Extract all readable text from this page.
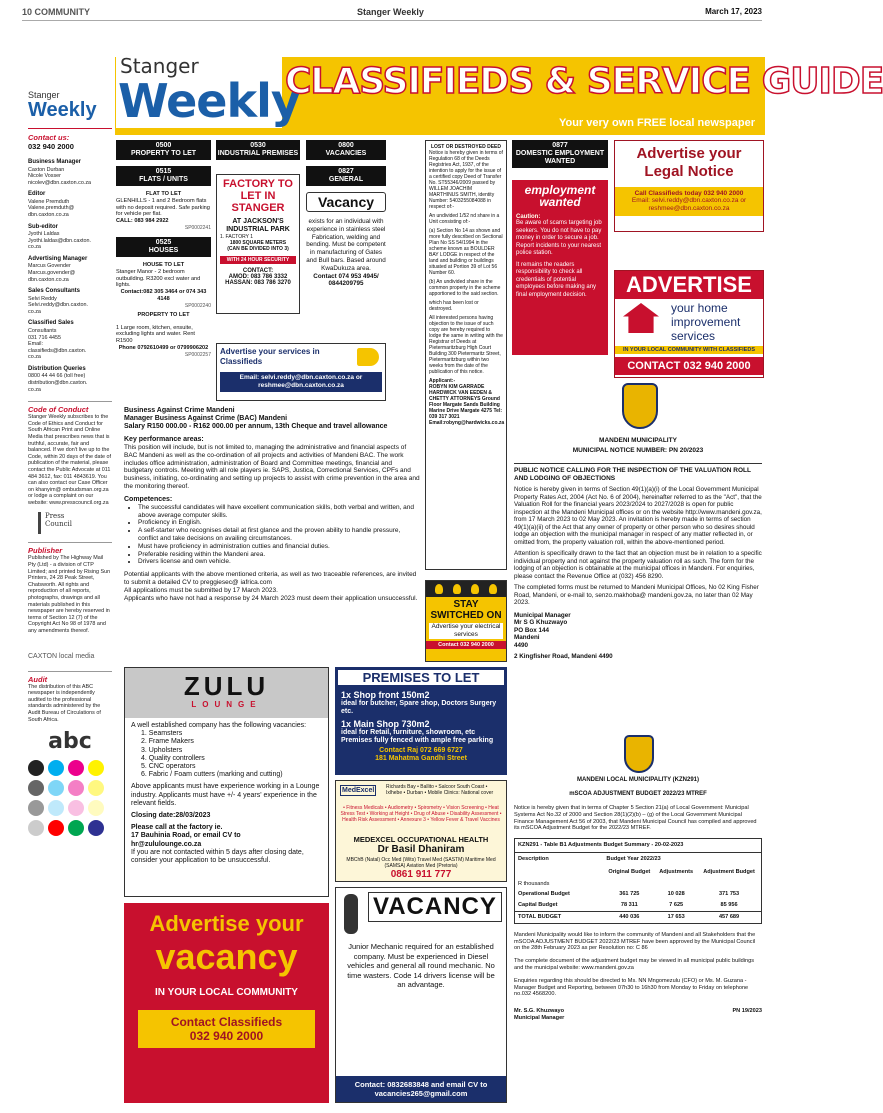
10 COMMUNITY	Stanger Weekly	March 17, 2023
Stanger
Weekly
CLASSIFIEDS & SERVICE GUIDE
Your very own FREE local newspaper
Stanger
Weekly
Contact us:
032 940 2000
Business Manager
Caxton Durban
Nicole Vosser
nicolev@dbn.caxton.co.za
Editor
Valene Premduth
Valene.premduth@
dbn.caxton.co.za
Sub-editor
Jyothi Laldas
Jyothi.laldas@dbn.caxton.
co.za
Advertising Manager
Marcus Govender
Marcus.govender@
dbn.caxton.co.za
Sales Consultants
Selvi Reddy
Selvi.reddy@dbn.caxton.
co.za
Classified Sales
Consultants
031 716 4455
Email:
classifieds@dbn.caxton.
co.za
Distribution Queries
0800 44 44 66 (toll free)
distribution@dbn.caxton.
co.za
Code of Conduct
Stanger Weekly subscribes to the Code of Ethics and Conduct for South African Print and Online Media that prescribes news that is truthful, accurate, fair and balanced. If we don't live up to the Code, within 20 days of the date of publication of the material, please contact the Public Advocate at 011 484 3612, fax: 011 4843619. You can also contact our Case Officer on khanyim@ ombudsman.org.za or lodge a complaint on our website: www.presscouncil.org.za
Press Council
Publisher
Published by The Highway Mail Pty (Ltd) - a division of CTP Limited; and printed by Rising Sun Printers, 24 28 Peak Street, Chatsworth. All rights and reproduction of all reports, photographs, drawings and all materials published in this newspaper are hereby reserved in terms of Section 12 (7) of the Copyright Act No 98 of 1978 and any amendments thereof.
CAXTON local media
Audit
The distribution of this ABC newspaper is independently audited to the professional standards administered by the Audit Bureau of Circulations of South Africa.
abc
0500
PROPERTY TO LET
0515
FLATS / UNITS
FLAT TO LET
GLENHILLS - 1 and 2 Bedroom flats with no deposit required. Safe parking for vehicle per flat.
CALL: 083 984 2922
SP0002241
0525
HOUSES
HOUSE TO LET
Stanger Manor - 2 bedroom outbuilding. R3200 excl water and lights.
Contact:082 305 3464 or 074 343 4148
SP0002240
PROPERTY TO LET
1 Large room, kitchen, ensuite, excluding lights and water. Rent R1500
Phone 0792610499 or 0799906202
SP0002257
0530
INDUSTRIAL PREMISES
FACTORY TO LET IN STANGER
AT JACKSON'S INDUSTRIAL PARK
1. FACTORY 1
1800 SQUARE METERS
(CAN BE DIVIDED INTO 3)
WITH 24 HOUR SECURITY
CONTACT:
AMOD: 083 786 3332
HASSAN: 083 786 3270
0800
VACANCIES
0827
GENERAL
Vacancy
exists for an individual with experience in stainless steel Fabrication, welding and bending. Must be competent in manufacturing of Gates and Bull bars. Based around KwaDukuza area.
Contact 074 953 4945/ 0844209795
Advertise your services in Classifieds
Email: selvi.reddy@dbn.caxton.co.za or reshmee@dbn.caxton.co.za
LOST OR DESTROYED DEED
Notice is hereby given in terms of Regulation 68 of the Deeds Registries Act, 1937, of the intention to apply for the issue of a certified copy Deed of Transfer No. ST55346/2009 passed by WILLEM JOACHIM MARTHINUS SMITH, identity Number: 5403255084088 in respect of:-
An undivided 1/52 nd share in a Unit consisting of:-
(a) Section No 14 as shown and more fully described on Sectional Plan No SS 54/1994 in the scheme known as BOULDER BAY LODGE in respect of the land and building or buildings situated at Portion 39 of Lot 56 Number 60.
(b) An undivided share in the common property in the scheme apportioned to the said section.
which has been lost or destroyed.
All interested persons having objection to the issue of such copy are hereby required to lodge the same in writing with the Registrar of Deeds at Pietermaritzburg High Court Building 300 Pietermaritz Street, Pietermaritzburg within two weeks from the date of the publication of this notice.
Applicant:-
ROBYN KIM GARRADE HARDWICK VAN EEDEN & CHETTY ATTORNEYS Ground Floor Margate Sands Building Marine Drive Margate 4275 Tel: 039 317 3021 Email:robyng@hardwicks.co.za
0877
DOMESTIC EMPLOYMENT WANTED
employment wanted
Caution:
Be aware of scams targeting job seekers. You do not have to pay money in order to secure a job. Report incidents to your nearest police station.
It remains the readers responsibility to check all credentials of potential employees before making any final employment decision.
STAY SWITCHED ON
Advertise your electrical services
Contact 032 940 2000
Business Against Crime Mandeni
Manager Business Against Crime (BAC) Mandeni
Salary R150 000.00 - R162 000.00 per annum, 13th Cheque and travel allowance
Key performance areas:
This position will include, but is not limited to, managing the administrative and financial aspects of BAC Mandeni as well as the co-ordination of all projects and activities of Mandeni BAC. The work includes office administration, administration of Board and Committee meetings, financial and budgetary controls. Meeting with all role players ie. SAPS, Justica, Correctional Services, CPFs and business, initiating, co-ordinating and setting up projects to assist with crime prevention in the area and the monitoring thereof.
Competences:
• The successful candidates will have excellent communication skills, both verbal and written, and above average computer skills.
• Proficiency in English.
• A self-starter who recognises detail at first glance and the proven ability to handle pressure, conflict and take decisions on availing circumstances.
• Must have proficiency in administration cutties and financial duties.
• Preferable residing within the Mandeni area.
• Drivers license and own vehicle.
Potential applicants with the above mentioned criteria, as well as two traceable references, are invited to submit a detailed CV to preggiesec@ iafrica.com
All applications must be submitted by 17 March 2023.
Applicants who have not had a response by 24 March 2023 must deem their application unsuccessful.
Advertise your Legal Notice
Call Classifieds today 032 940 2000
Email: selvi.reddy@dbn.caxton.co.za or reshmee@dbn.caxton.co.za
ADVERTISE
your home
improvement
services
IN YOUR LOCAL COMMUNITY WITH CLASSIFIEDS
CONTACT 032 940 2000
MANDENI MUNICIPALITY
MUNICIPAL NOTICE NUMBER: PN 20/2023
PUBLIC NOTICE CALLING FOR THE INSPECTION OF THE VALUATION ROLL AND LODGING OF OBJECTIONS
Notice is hereby given in terms of Section 49(1)(a)(i) of the Local Government Municipal Property Rates Act, 2004 (Act No. 6 of 2004), hereinafter referred to as the "Act", that the Valuation Roll for the financial years 2023/2024 to 2027/2028 is open for public inspection at the Mandeni Municipal offices or on the website http://www.mandeni.gov.za, from 17 March 2023 to 02 May 2023. An invitation is hereby made in terms of section 49(1)(a)(ii) of the Act that any owner of property or other person who so desires should lodge an objection with the municipal manager in respect of any matter reflected in, or omitted from, the property valuation roll, within the above-mentioned period.
Attention is specifically drawn to the fact that an objection must be in relation to a specific individual property and not against the property valuation roll as such. The form for the lodging of an objection is obtainable at the municipal offices in Mandeni. For enquiries, please contact the Revenue Office at (032) 456 8290.
The completed forms must be returned to Mandeni Municipal Offices, No 02 King Fisher Road, Mandeni, or e-mail to, senzo.makhoba@ mandeni.gov.za, no later than 02 May 2023.
Municipal Manager
Mr S G Khuzwayo
PO Box 144
Mandeni
4490
2 Kingfisher Road, Mandeni 4490
ZULU
LOUNGE
A well established company has the following vacancies:
1. Seamsters
2. Frame Makers
3. Upholsters
4. Quality controllers
5. CNC operators
6. Fabric / Foam cutters (marking and cutting)
Above applicants must have experience working in a Lounge industry. Applicants must have +/- 4 years' experience in the relevant fields.
Closing date:28/03/2023
Please call at the factory ie.
17 Bauhinia Road, or email CV to
hr@zululounge.co.za
If you are not contacted within 5 days after closing date, consider your application to be unsuccessful.
PREMISES TO LET
1x Shop front 150m2
ideal for butcher, Spare shop, Doctors Surgery etc.
1x Main Shop 730m2
ideal for Retail, furniture, showroom, etc
Premises fully fenced with ample free parking
Contact Raj 072 669 6727
181 Mahatma Gandhi Street
MedExcel	Richards Bay • Ballito • Salcoor South Coast • Ixlhebe • Durban • Mobile Clinics: National cover
• Fitness Medicals • Audiometry • Spirometry • Vision Screening • Heat Stress Test • Working at Height • Drug of Abuse • Disability Assessment • Health Risk Assessment • Annexure 3 • Yellow Fever & Travel Vaccines
MEDEXCEL OCCUPATIONAL HEALTH
Dr Basil Dhaniram
MBChB (Natal) Occ Med (Wits) Travel Med (SASTM) Maritime Med (SAMSA) Aviation Med (Pretoria)
0861 911 777
Advertise your
vacancy
IN YOUR LOCAL COMMUNITY
Contact Classifieds
032 940 2000
VACANCY
Junior Mechanic required for an established company. Must be experienced in Diesel vehicles and general all round mechanic. No time wasters. Code 14 drivers license will be an advantage.
Contact: 0832683848 and email CV to vacancies265@gmail.com
MANDENI LOCAL MUNICIPALITY (KZN291)
mSCOA ADJUSTMENT BUDGET 2022/23 MTREF
Notice is hereby given that in terms of Chapter 5 Section 21(a) of Local Government: Municipal Systems Act No.32 of 2000 and Section 28(1)(2)(b) – (g) of the Local Government Municipal Finance Management Act 56 of 2003, that Mandeni Municipal Council has compiled and approved its mSCOA Adjustment Budget for the 2022/23 MTREF.
KZN291 - Table B1 Adjustments Budget Summary - 20-02-2023			
Description	Budget Year 2022/23		
	Original Budget	Adjustments	Adjustment Budget
R thousands			
Operational Budget	361 725	10 028	371 753
Capital Budget	78 311	7 625	85 956
TOTAL BUDGET	440 036	17 653	457 689
Mandeni Municipality would like to inform the community of Mandeni and all Stakeholders that the mSCOA ADJUSTMENT BUDGET 2022/23 MTREF have been approved by the Municipal Council on the 28th February 2023 as per Resolution no: C 86
The complete document of the adjustment budget may be viewed in all municipal public buildings and the municipal website: www.mandeni.gov.za
Enquiries regarding this should be directed to Ms. NN Mngomezulu (CFO) or Ms. M. Guzana - Manager Budget and Reporting, between 07h30 to 16h30 from Monday to Friday on telephone no.032 4568200.
Mr. S.G. Khuzwayo
Municipal Manager
PN 19/2023
